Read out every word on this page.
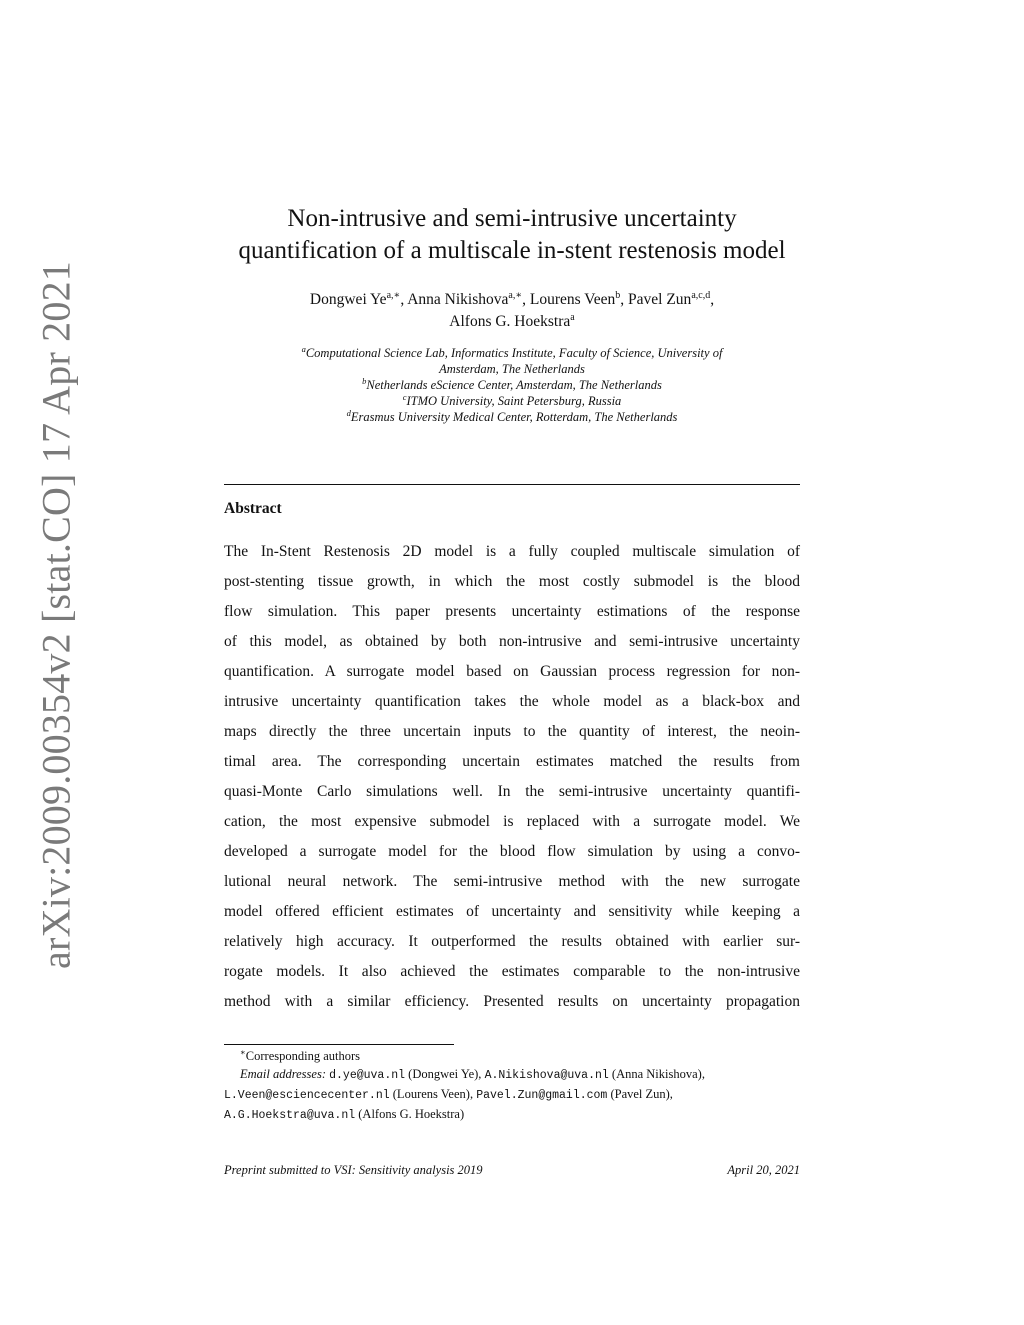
arXiv:2009.00354v2 [stat.CO] 17 Apr 2021
Non-intrusive and semi-intrusive uncertainty
quantification of a multiscale in-stent restenosis model
Dongwei $Ye^{a,∗}$, Anna Nikishova$^{a,∗}$, Lourens Veen$^b$, Pavel Zun$^{a,c,d}$,
Alfons G. Hoekstra$^a$
$^a$Computational Science Lab, Informatics Institute, Faculty of Science, University of
Amsterdam, The Netherlands
$^b$Netherlands eScience Center, Amsterdam, The Netherlands
$^c$ITMO University, Saint Petersburg, Russia
$^d$Erasmus University Medical Center, Rotterdam, The Netherlands
Abstract
The In-Stent Restenosis 2D model is a fully coupled multiscale simulation of
post-stenting tissue growth, in which the most costly submodel is the blood
flow simulation. This paper presents uncertainty estimations of the response
of this model, as obtained by both non-intrusive and semi-intrusive uncertainty
quantification. A surrogate model based on Gaussian process regression for non-
intrusive uncertainty quantification takes the whole model as a black-box and
maps directly the three uncertain inputs to the quantity of interest, the neoin-
timal area. The corresponding uncertain estimates matched the results from
quasi-Monte Carlo simulations well. In the semi-intrusive uncertainty quantifi-
cation, the most expensive submodel is replaced with a surrogate model. We
developed a surrogate model for the blood flow simulation by using a convo-
lutional neural network. The semi-intrusive method with the new surrogate
model offered efficient estimates of uncertainty and sensitivity while keeping a
relatively high accuracy. It outperformed the results obtained with earlier sur-
rogate models. It also achieved the estimates comparable to the non-intrusive
method with a similar efficiency. Presented results on uncertainty propagation
∗Corresponding authors
Email addresses: d.ye@uva.nl (Dongwei Ye), A.Nikishova@uva.nl (Anna Nikishova),
L.Veen@esciencecenter.nl (Lourens Veen), Pavel.Zun@gmail.com (Pavel Zun),
A.G.Hoekstra@uva.nl (Alfons G. Hoekstra)
Preprint submitted to VSI: Sensitivity analysis 2019	April 20, 2021
